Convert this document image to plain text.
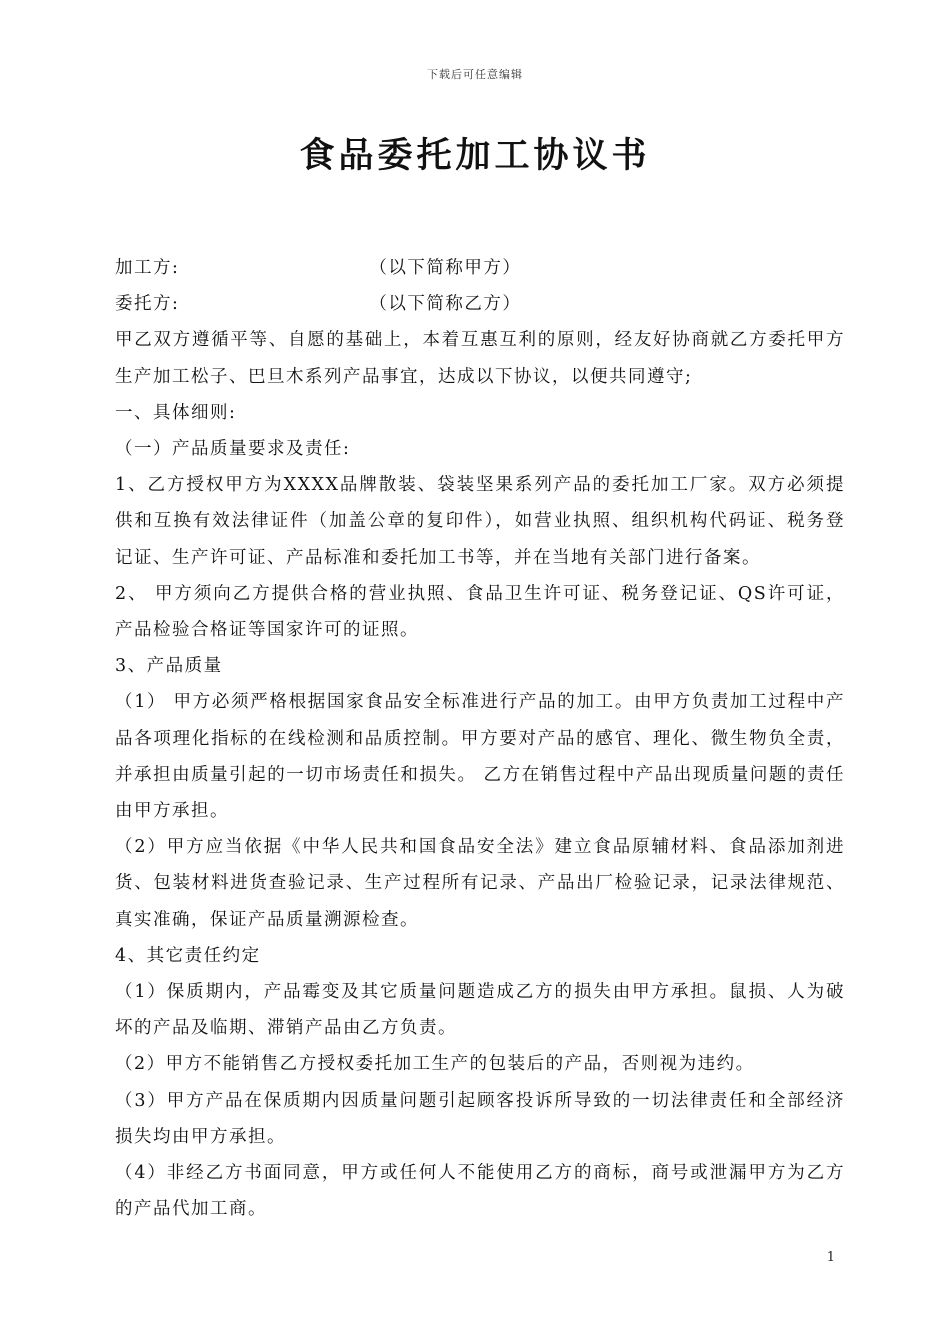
下载后可任意编辑
食品委托加工协议书

加工方:	（以下简称甲方）

委托方:	（以下简称乙方）

甲乙双方遵循平等、自愿的基础上，本着互惠互利的原则，经友好协商就乙方委托甲方生产加工松子、巴旦木系列产品事宜，达成以下协议，以便共同遵守;

一、具体细则:

（一）产品质量要求及责任:

1、乙方授权甲方为XXXX品牌散装、袋装坚果系列产品的委托加工厂家。双方必须提供和互换有效法律证件（加盖公章的复印件），如营业执照、组织机构代码证、税务登记证、生产许可证、产品标准和委托加工书等，并在当地有关部门进行备案。

2、 甲方须向乙方提供合格的营业执照、食品卫生许可证、税务登记证、QS许可证，产品检验合格证等国家许可的证照。

3、产品质量

（1） 甲方必须严格根据国家食品安全标准进行产品的加工。由甲方负责加工过程中产品各项理化指标的在线检测和品质控制。甲方要对产品的感官、理化、微生物负全责，并承担由质量引起的一切市场责任和损失。 乙方在销售过程中产品出现质量问题的责任由甲方承担。

（2）甲方应当依据《中华人民共和国食品安全法》建立食品原辅材料、食品添加剂进货、包装材料进货查验记录、生产过程所有记录、产品出厂检验记录，记录法律规范、真实准确，保证产品质量溯源检查。

4、其它责任约定

（1）保质期内，产品霉变及其它质量问题造成乙方的损失由甲方承担。鼠损、人为破坏的产品及临期、滞销产品由乙方负责。

（2）甲方不能销售乙方授权委托加工生产的包装后的产品，否则视为违约。

（3）甲方产品在保质期内因质量问题引起顾客投诉所导致的一切法律责任和全部经济损失均由甲方承担。

（4）非经乙方书面同意，甲方或任何人不能使用乙方的商标，商号或泄漏甲方为乙方的产品代加工商。

1
